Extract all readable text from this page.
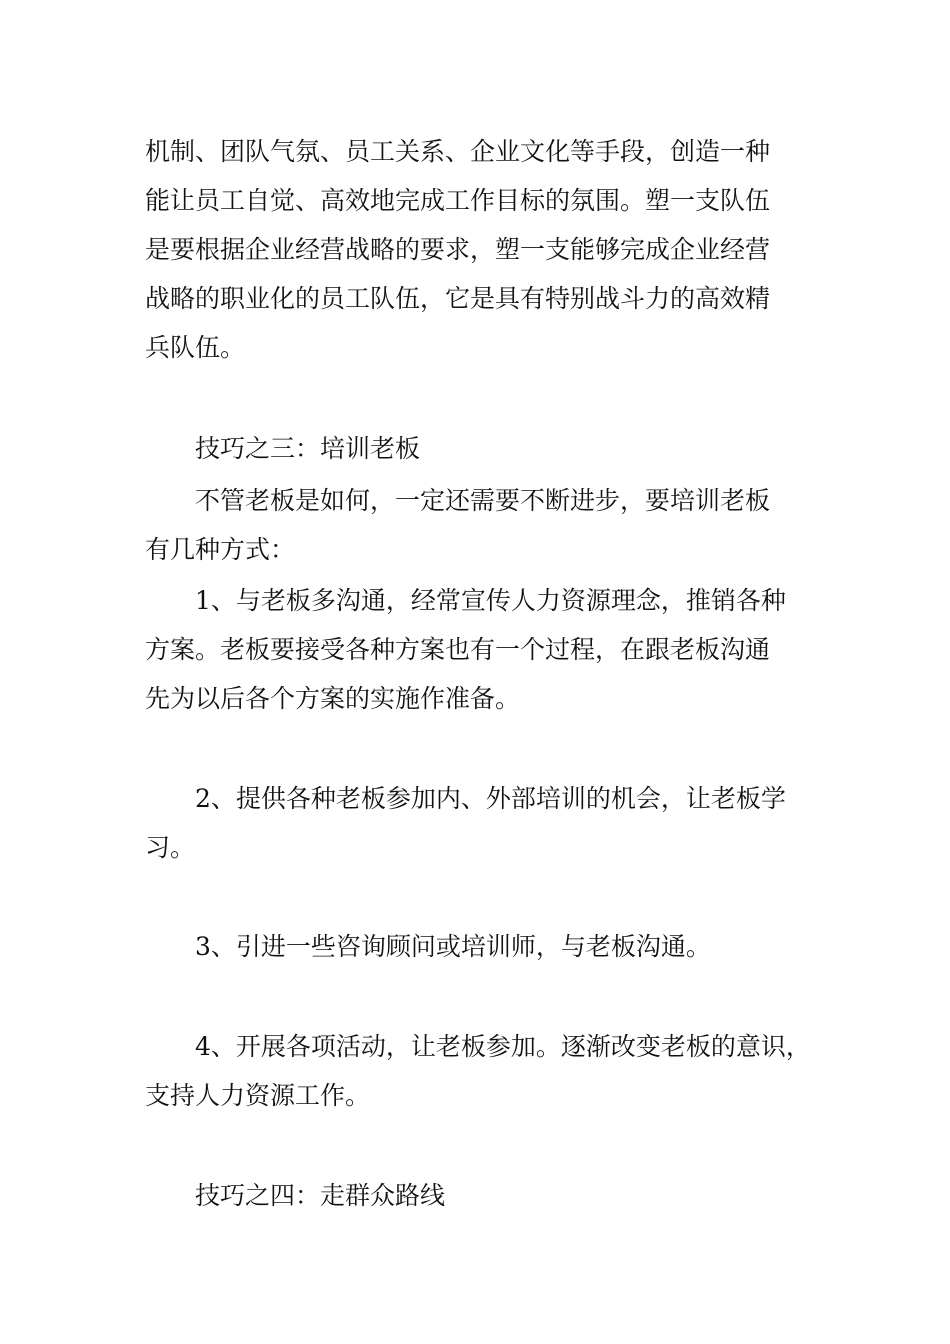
机制、团队气氛、员工关系、企业文化等手段，创造一种
能让员工自觉、高效地完成工作目标的氛围。塑一支队伍
是要根据企业经营战略的要求，塑一支能够完成企业经营
战略的职业化的员工队伍，它是具有特别战斗力的高效精
兵队伍。

技巧之三：培训老板

不管老板是如何，一定还需要不断进步，要培训老板
有几种方式：

1、与老板多沟通，经常宣传人力资源理念，推销各种
方案。老板要接受各种方案也有一个过程，在跟老板沟通
先为以后各个方案的实施作准备。

2、提供各种老板参加内、外部培训的机会，让老板学
习。

3、引进一些咨询顾问或培训师，与老板沟通。

4、开展各项活动，让老板参加。逐渐改变老板的意识，
支持人力资源工作。

技巧之四：走群众路线
